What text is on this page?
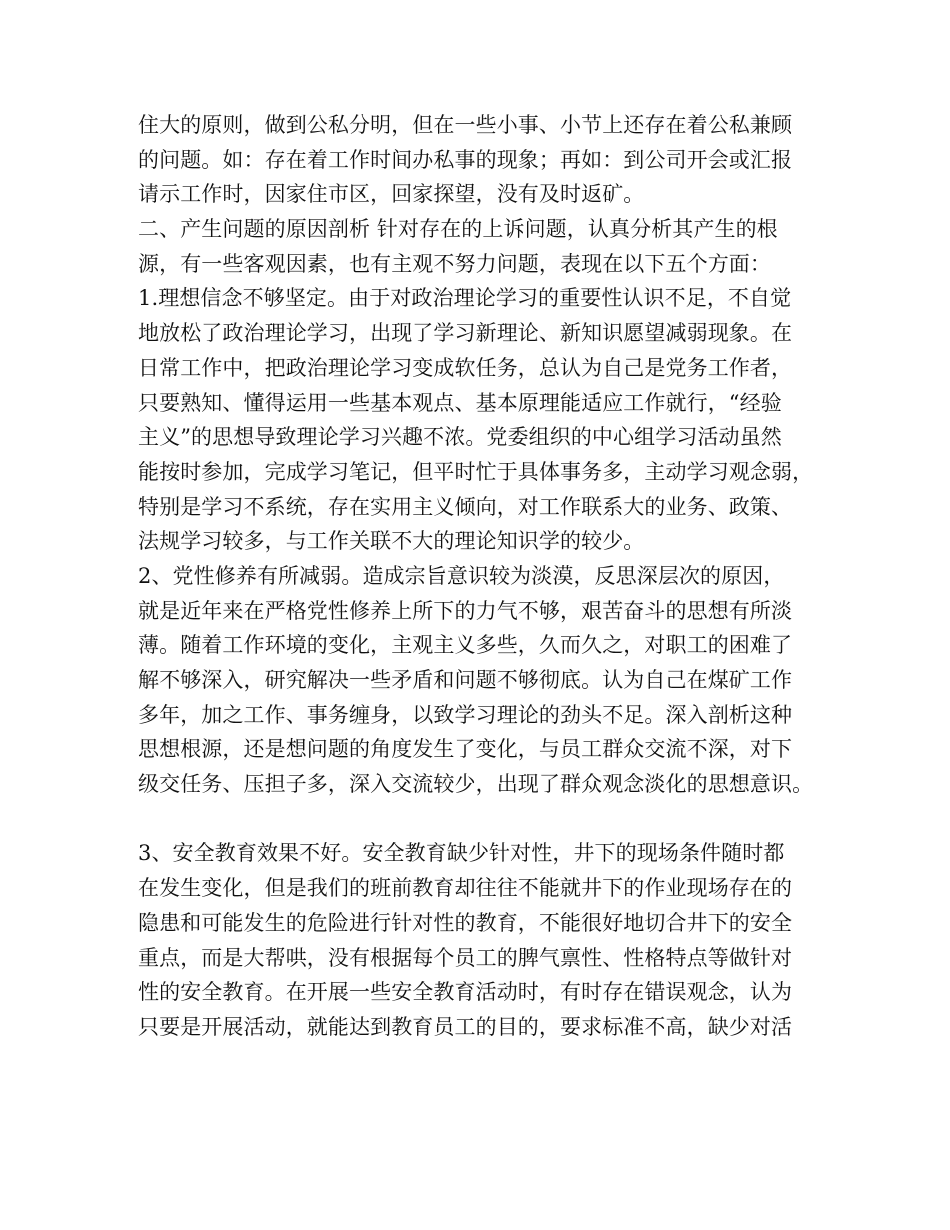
住大的原则，做到公私分明，但在一些小事、小节上还存在着公私兼顾
的问题。如：存在着工作时间办私事的现象；再如：到公司开会或汇报
请示工作时，因家住市区，回家探望，没有及时返矿。
二、产生问题的原因剖析 针对存在的上诉问题，认真分析其产生的根
源，有一些客观因素，也有主观不努力问题，表现在以下五个方面：
1.理想信念不够坚定。由于对政治理论学习的重要性认识不足，不自觉
地放松了政治理论学习，出现了学习新理论、新知识愿望减弱现象。在
日常工作中，把政治理论学习变成软任务，总认为自己是党务工作者，
只要熟知、懂得运用一些基本观点、基本原理能适应工作就行，“经验
主义”的思想导致理论学习兴趣不浓。党委组织的中心组学习活动虽然
能按时参加，完成学习笔记，但平时忙于具体事务多，主动学习观念弱，
特别是学习不系统，存在实用主义倾向，对工作联系大的业务、政策、
法规学习较多，与工作关联不大的理论知识学的较少。
2、党性修养有所减弱。造成宗旨意识较为淡漠，反思深层次的原因，
就是近年来在严格党性修养上所下的力气不够，艰苦奋斗的思想有所淡
薄。随着工作环境的变化，主观主义多些，久而久之，对职工的困难了
解不够深入，研究解决一些矛盾和问题不够彻底。认为自己在煤矿工作
多年，加之工作、事务缠身，以致学习理论的劲头不足。深入剖析这种
思想根源，还是想问题的角度发生了变化，与员工群众交流不深，对下
级交任务、压担子多，深入交流较少，出现了群众观念淡化的思想意识。
3、安全教育效果不好。安全教育缺少针对性，井下的现场条件随时都
在发生变化，但是我们的班前教育却往往不能就井下的作业现场存在的
隐患和可能发生的危险进行针对性的教育，不能很好地切合井下的安全
重点，而是大帮哄，没有根据每个员工的脾气禀性、性格特点等做针对
性的安全教育。在开展一些安全教育活动时，有时存在错误观念，认为
只要是开展活动，就能达到教育员工的目的，要求标准不高，缺少对活
